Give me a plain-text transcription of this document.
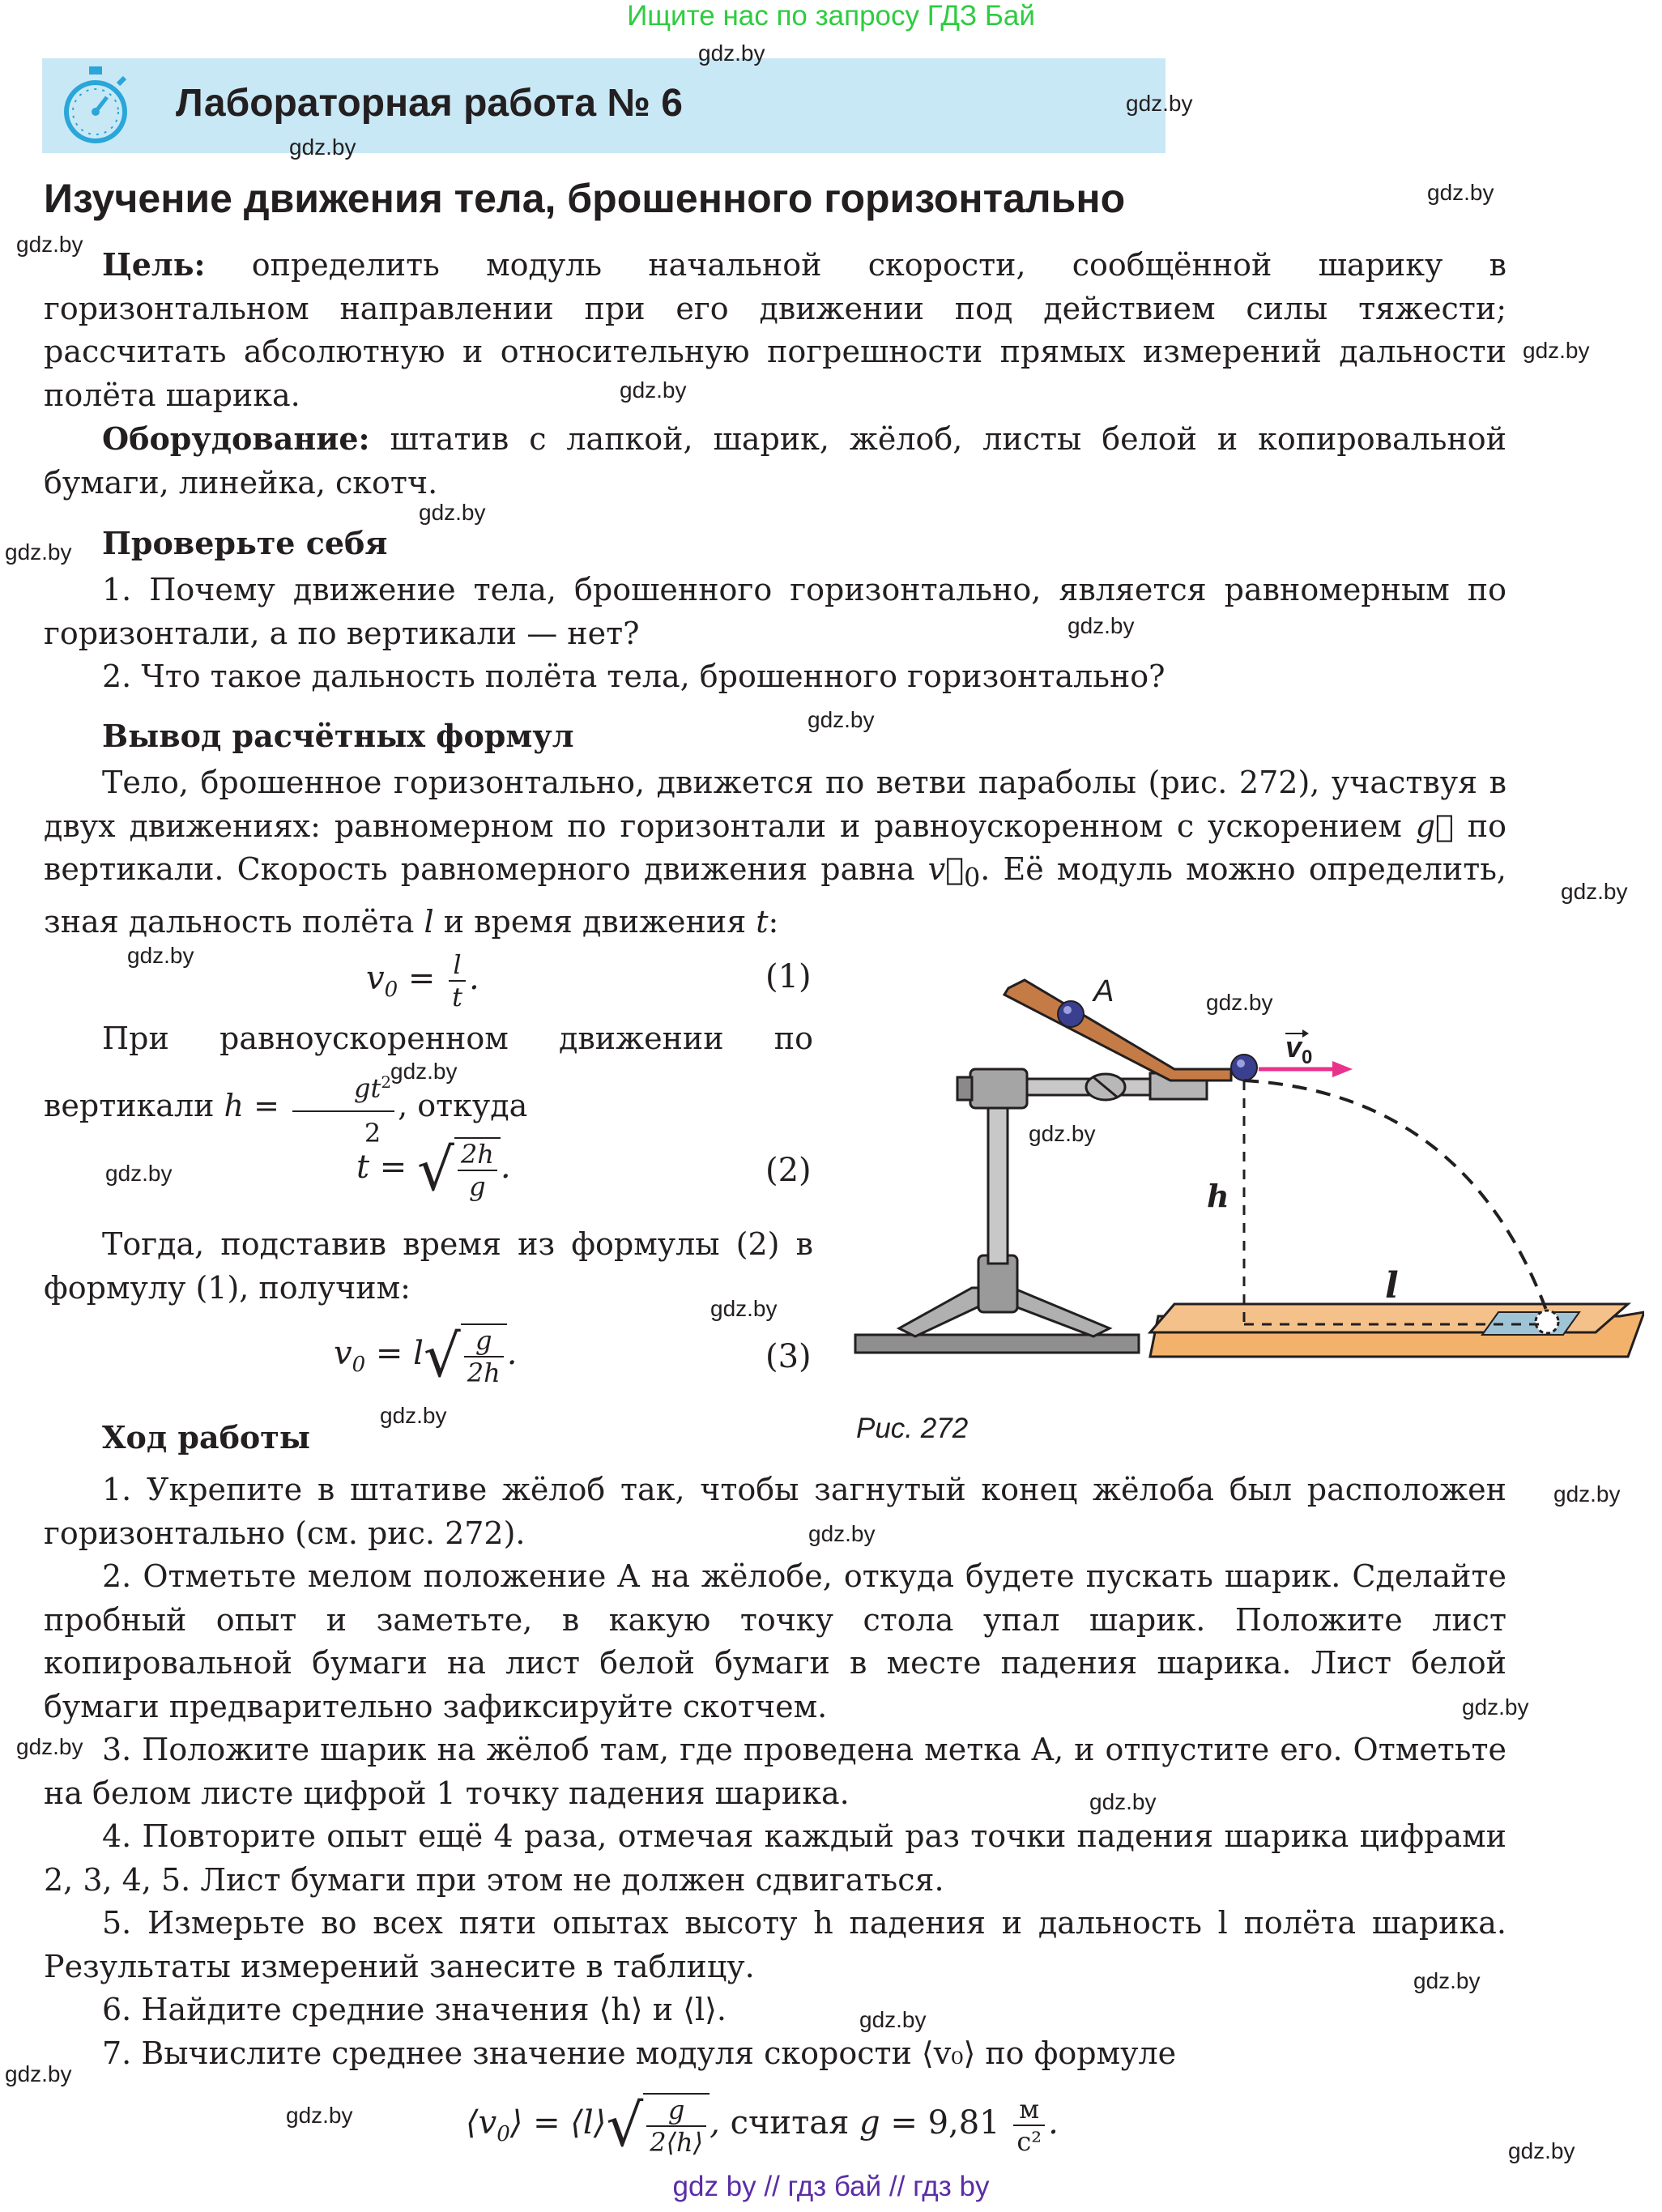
Ищите нас по запросу ГДЗ Бай
Лабораторная работа № 6
Изучение движения тела, брошенного горизонтально

Цель: определить модуль начальной скорости, сообщённой шарику в горизонтальном направлении при его движении под действием силы тяжести; рассчитать абсолютную и относительную погрешности прямых измерений дальности полёта шарика.

Оборудование: штатив с лапкой, шарик, жёлоб, листы белой и копировальной бумаги, линейка, скотч.

Проверьте себя

1. Почему движение тела, брошенного горизонтально, является равномерным по горизонтали, а по вертикали — нет?

2. Что такое дальность полёта тела, брошенного горизонтально?

Вывод расчётных формул

Тело, брошенное горизонтально, движется по ветви параболы (рис. 272), участвуя в двух движениях: равномерном по горизонтали и равноускоренном с ускорением g⃗ по вертикали. Скорость равномерного движения равна $v⃗_0$. Её модуль можно определить, зная дальность полёта l и время движения t:

$v_0 = \frac{l}{t}$ .	(1)

При равноускоренном движении по вертикали $h = \frac{gt^2}{2}$ , откуда

t = √ $\frac{2h}{g}$ .	(2)

Тогда, подставив время из формулы (2) в формулу (1), получим:

$v_0 = l√ \frac{g}{2h}$ .	(3)
A
h
l
v 0
Рис. 272
Ход работы

1. Укрепите в штативе жёлоб так, чтобы загнутый конец жёлоба был расположен горизонтально (см. рис. 272).

2. Отметьте мелом положение A на жёлобе, откуда будете пускать шарик. Сделайте пробный опыт и заметьте, в какую точку стола упал шарик. Положите лист копировальной бумаги на лист белой бумаги в месте падения шарика. Лист белой бумаги предварительно зафиксируйте скотчем.

3. Положите шарик на жёлоб там, где проведена метка A, и отпустите его. Отметьте на белом листе цифрой 1 точку падения шарика.

4. Повторите опыт ещё 4 раза, отмечая каждый раз точки падения шарика цифрами 2, 3, 4, 5. Лист бумаги при этом не должен сдвигаться.

5. Измерьте во всех пяти опытах высоту h падения и дальность l полёта шарика. Результаты измерений занесите в таблицу.

6. Найдите средние значения ⟨h⟩ и ⟨l⟩.

7. Вычислите среднее значение модуля скорости ⟨v₀⟩ по формуле

$⟨v_0⟩$ = ⟨l⟩√ $\frac{g}{2⟨h⟩}$ , считая $g = 9,81 \frac{м}{\text{с²}}$ .
gdz.by
gdz.by
gdz.by
gdz.by
gdz.by
gdz.by
gdz.by
gdz.by
gdz.by
gdz.by
gdz.by
gdz.by
gdz.by
gdz.by
gdz.by
gdz.by
gdz.by
gdz.by
gdz.by
gdz.by
gdz.by
gdz.by
gdz.by
gdz.by
gdz.by
gdz.by
gdz.by
gdz.by
gdz.by
gdz by // гдз бай // гдз by
